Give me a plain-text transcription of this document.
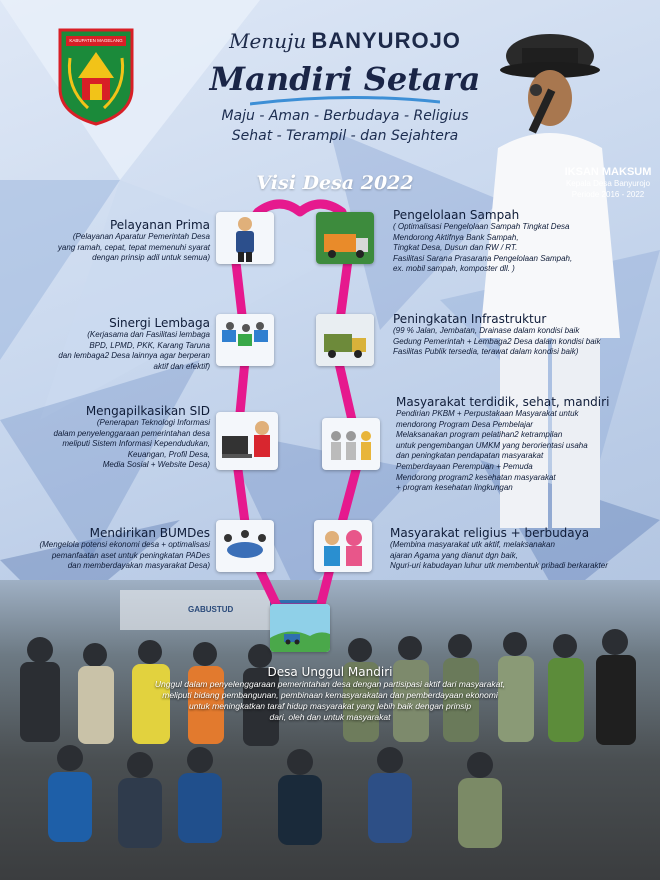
KABUPATEN MAGELANG	Menuju BANYUROJO
Mandiri Setara
Maju - Aman - Berbudaya - Religius
Sehat - Terampil - dan Sejahtera
IKSAN MAKSUM
Kepala Desa Banyurojo
Periode 2016 - 2022
Visi Desa 2022
Pelayanan Prima
(Pelayanan Aparatur Pemerintah Desa
yang ramah, cepat, tepat memenuhi syarat
dengan prinsip adil untuk semua)
Sinergi Lembaga
(Kerjasama dan Fasilitasi lembaga
BPD, LPMD, PKK, Karang Taruna
dan lembaga2 Desa lainnya agar berperan
aktif dan efektif)
Mengapilkasikan SID
(Penerapan Teknologi Informasi
dalam penyelenggaraan pemerintahan desa
meliputi Sistem Informasi Kependudukan,
Keuangan, Profil Desa,
Media Sosial + Website Desa)
Mendirikan BUMDes
(Mengelola potensi ekonomi desa + optimalisasi
pemanfaatan aset untuk peningkatan PADes
dan memberdayakan masyarakat Desa)
Pengelolaan Sampah
( Optimalisasi Pengelolaan Sampah Tingkat Desa
Mendorong Aktifnya Bank Sampah,
Tingkat Desa, Dusun dan RW / RT.
Fasilitasi Sarana Prasarana Pengelolaan Sampah,
ex. mobil sampah, komposter dll. )
Peningkatan Infrastruktur
(99 % Jalan, Jembatan, Drainase dalam kondisi baik
Gedung Pemerintah + Lembaga2 Desa dalam kondisi baik
Fasilitas Publik tersedia, terawat dalam kondisi baik)
Masyarakat terdidik, sehat, mandiri
Pendirian PKBM + Perpustakaan Masyarakat untuk
mendorong Program Desa Pembelajar
Melaksanakan program pelatihan2 ketrampilan
untuk pengembangan UMKM yang berorientasi usaha
dan peningkatan pendapatan masyarakat
Pemberdayaan Perempuan + Pemuda
Mendorong program2 kesehatan masyarakat
+ program kesehatan lingkungan
Masyarakat religius + berbudaya
(Membina masyarakat utk aktif, melaksanakan
ajaran Agama yang dianut dgn baik,
Nguri-uri kabudayan luhur utk membentuk pribadi berkarakter
Desa Unggul Mandiri
Unggul dalam penyelenggaraan pemerintahan desa dengan partisipasi aktif dari masyarakat,
meliputi bidang pembangunan, pembinaan kemasyarakatan dan pemberdayaan ekonomi
untuk meningkatkan taraf hidup masyarakat yang lebih baik dengan prinsip
dari, oleh dan untuk masyarakat
GABUSTUD
